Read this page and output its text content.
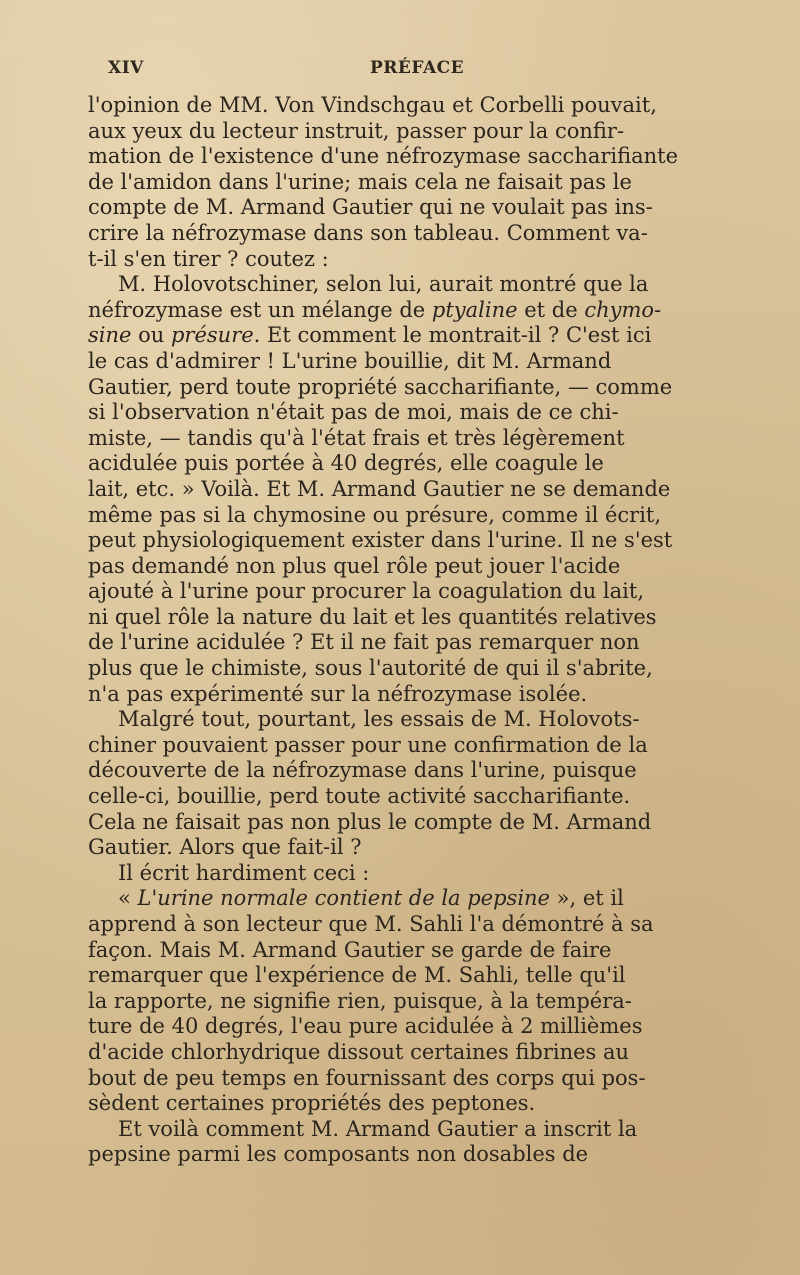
XIV	PRÉFACE
l'opinion de MM. Von Vindschgau et Corbelli pouvait,
aux yeux du lecteur instruit, passer pour la confir-
mation de l'existence d'une néfrozymase saccharifiante
de l'amidon dans l'urine; mais cela ne faisait pas le
compte de M. Armand Gautier qui ne voulait pas ins-
crire la néfrozymase dans son tableau. Comment va-
t-il s'en tirer ? coutez :
M. Holovotschiner, selon lui, aurait montré que la
néfrozymase est un mélange de ptyaline et de chymo-
sine ou présure. Et comment le montrait-il ? C'est ici
le cas d'admirer ! L'urine bouillie, dit M. Armand
Gautier, perd toute propriété saccharifiante, — comme
si l'observation n'était pas de moi, mais de ce chi-
miste, — tandis qu'à l'état frais et très légèrement
acidulée puis portée à 40 degrés, elle coagule le
lait, etc. » Voilà. Et M. Armand Gautier ne se demande
même pas si la chymosine ou présure, comme il écrit,
peut physiologiquement exister dans l'urine. Il ne s'est
pas demandé non plus quel rôle peut jouer l'acide
ajouté à l'urine pour procurer la coagulation du lait,
ni quel rôle la nature du lait et les quantités relatives
de l'urine acidulée ? Et il ne fait pas remarquer non
plus que le chimiste, sous l'autorité de qui il s'abrite,
n'a pas expérimenté sur la néfrozymase isolée.
Malgré tout, pourtant, les essais de M. Holovots-
chiner pouvaient passer pour une confirmation de la
découverte de la néfrozymase dans l'urine, puisque
celle-ci, bouillie, perd toute activité saccharifiante.
Cela ne faisait pas non plus le compte de M. Armand
Gautier. Alors que fait-il ?
Il écrit hardiment ceci :
« L'urine normale contient de la pepsine », et il
apprend à son lecteur que M. Sahli l'a démontré à sa
façon. Mais M. Armand Gautier se garde de faire
remarquer que l'expérience de M. Sahli, telle qu'il
la rapporte, ne signifie rien, puisque, à la tempéra-
ture de 40 degrés, l'eau pure acidulée à 2 millièmes
d'acide chlorhydrique dissout certaines fibrines au
bout de peu temps en fournissant des corps qui pos-
sèdent certaines propriétés des peptones.
Et voilà comment M. Armand Gautier a inscrit la
pepsine parmi les composants non dosables de
